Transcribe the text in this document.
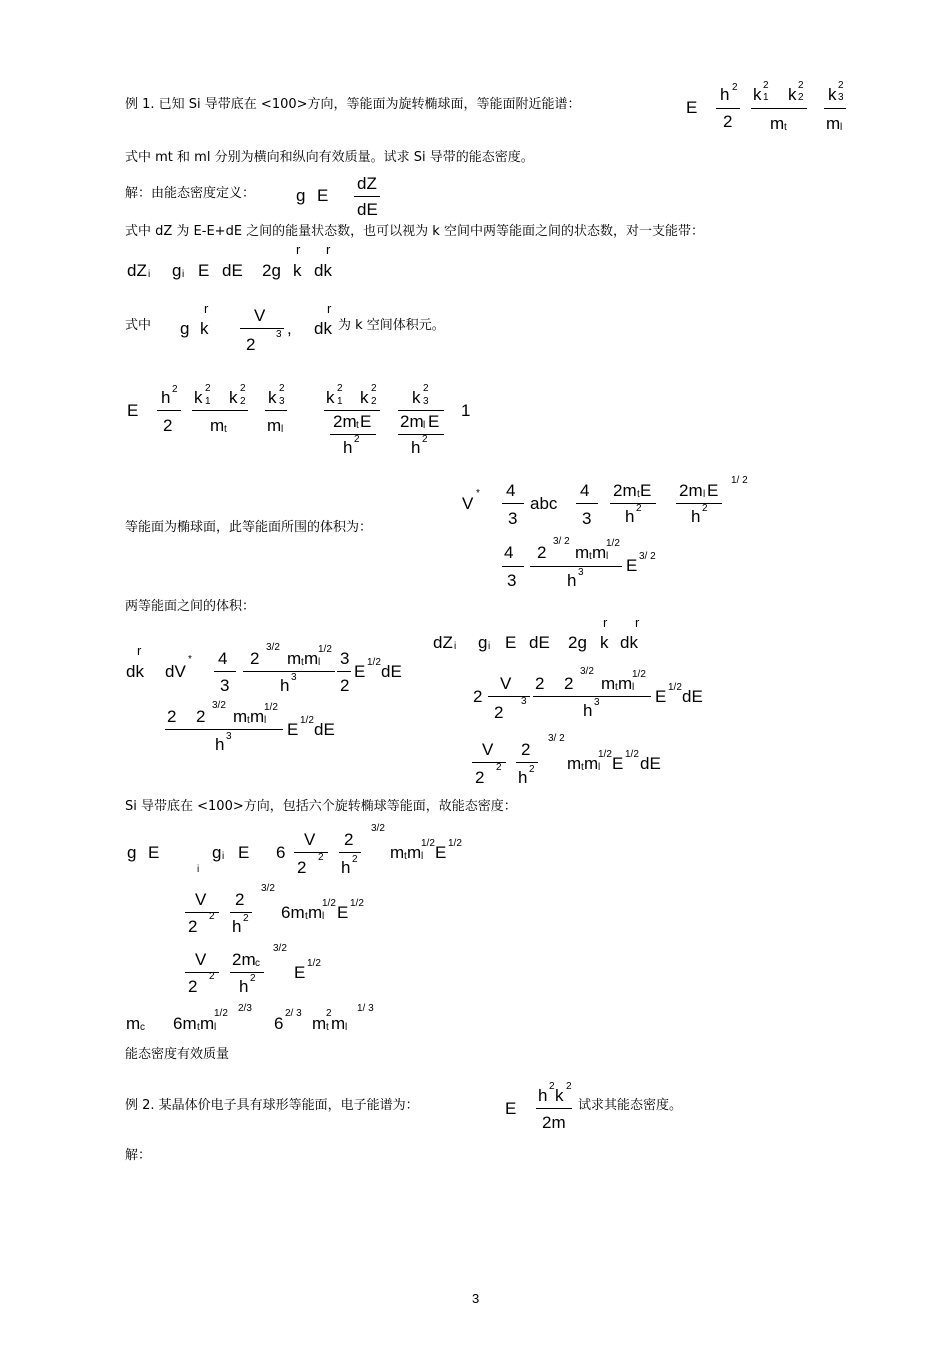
例 1. 已知 Si 导带底在 <100>方向，等能面为旋转椭球面，等能面附近能谱：	E
h 2
2
k 2
1 k 2
2
m t
k 2
3
m l
式中 mt 和 ml 分别为横向和纵向有效质量。试求 Si 导带的能态密度。
解：由能态密度定义： g E
dZ
dE
式中 dZ 为 E-E+dE 之间的能量状态数，也可以视为 k 空间中两等能面之间的状态数，对一支能带：
r r
dZ i g i E dE 2g k dk
式中
r
g k
V
2
3 ,
r
dk 为 k 空间体积元。
E
h 2
2
k 2
1 k 2
2
m t
k 2
3
m l
k 2
1 k 2
2
2m t E
h 2
k 2
3
2m l E
h 2
1
等能面为椭球面，此等能面所围的体积为：
V
* 4
3
abc
4
3
2m t E
h 2
2m l E
h 2
1/ 2
4
3
2
3/ 2
m t m l
1/2
h 3 E 3/ 2
两等能面之间的体积：
r
dk dV
* 4
3
2
3/2
m t m l
1/2
h 3
3
2
E 1/2 dE
2 2
3/2
m t m l
1/2
h 3	E 1/2 dE
r r
dZ i g i E dE 2g k dk
2
V
2
3
2 2
3/2
m t m l
1/2
h 3	E 1/2 dE
V
2
2
2
h 2
3/ 2
m t m l
1/2 E 1/2 dE
Si 导带底在 <100>方向，包括六个旋转椭球等能面，故能态密度：
g E
i
g i E 6
V
2
2
2
h 2
3/2
m t m l
1/2 E 1/2
V
2
2
2
h 2
3/2
6m t m l
1/2 E 1/2
V
2
2
2m c
h 2
3/2
E 1/2
m c 6m t m l
1/2 2/3
6
2/ 3
m t
2
m l
1/ 3
能态密度有效质量
例 2. 某晶体价电子具有球形等能面，电子能谱为：	E
h 2 k 2
2m
试求其能态密度。
解：
3
